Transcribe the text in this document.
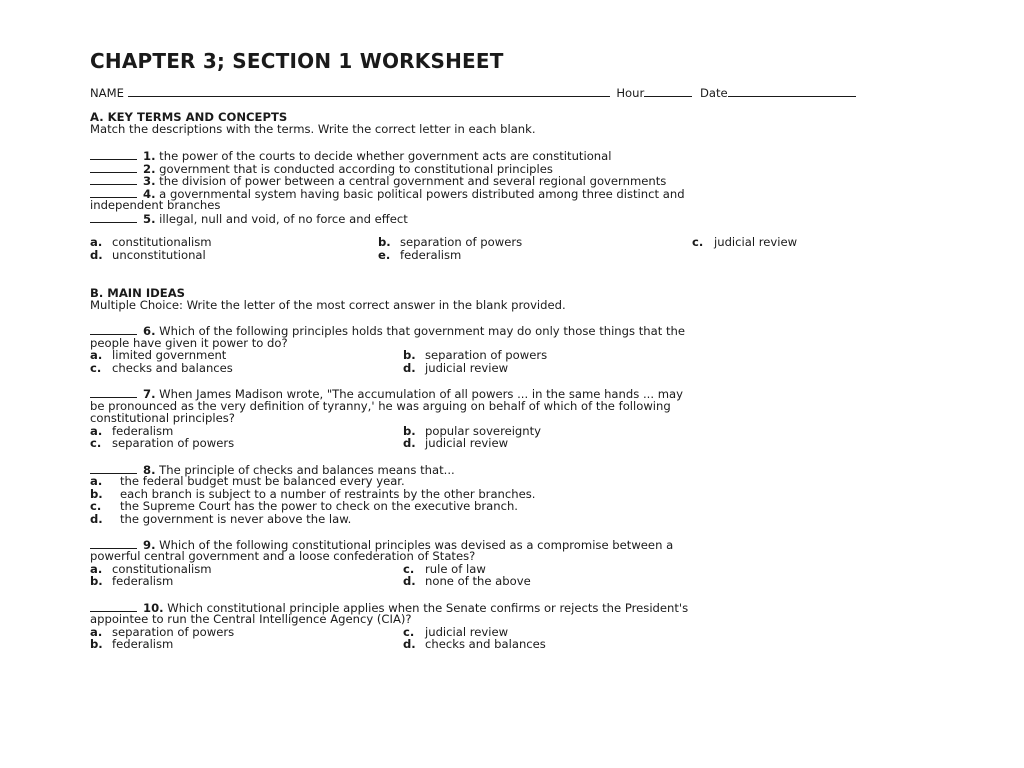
CHAPTER 3; SECTION 1 WORKSHEET
NAME	Hour	Date
A. KEY TERMS AND CONCEPTS
Match the descriptions with the terms. Write the correct letter in each blank.
1. the power of the courts to decide whether government acts are constitutional
2. government that is conducted according to constitutional principles
3. the division of power between a central government and several regional governments
4. a governmental system having basic political powers distributed among three distinct and
independent branches
5. illegal, null and void, of no force and effect
a. constitutionalism	b. separation of powers	c. judicial review
d. unconstitutional	e. federalism
B. MAIN IDEAS
Multiple Choice: Write the letter of the most correct answer in the blank provided.
6. Which of the following principles holds that government may do only those things that the
people have given it power to do?
a. limited government	b. separation of powers
c. checks and balances	d. judicial review
7. When James Madison wrote, "The accumulation of all powers ... in the same hands ... may
be pronounced as the very definition of tyranny,' he was arguing on behalf of which of the following
constitutional principles?
a. federalism	b. popular sovereignty
c. separation of powers	d. judicial review
8. The principle of checks and balances means that...
a. the federal budget must be balanced every year.
b. each branch is subject to a number of restraints by the other branches.
c. the Supreme Court has the power to check on the executive branch.
d. the government is never above the law.
9. Which of the following constitutional principles was devised as a compromise between a
powerful central government and a loose confederation of States?
a. constitutionalism	c. rule of law
b. federalism	d. none of the above
10. Which constitutional principle applies when the Senate confirms or rejects the President's
appointee to run the Central Intelligence Agency (CIA)?
a. separation of powers	c. judicial review
b. federalism	d. checks and balances
